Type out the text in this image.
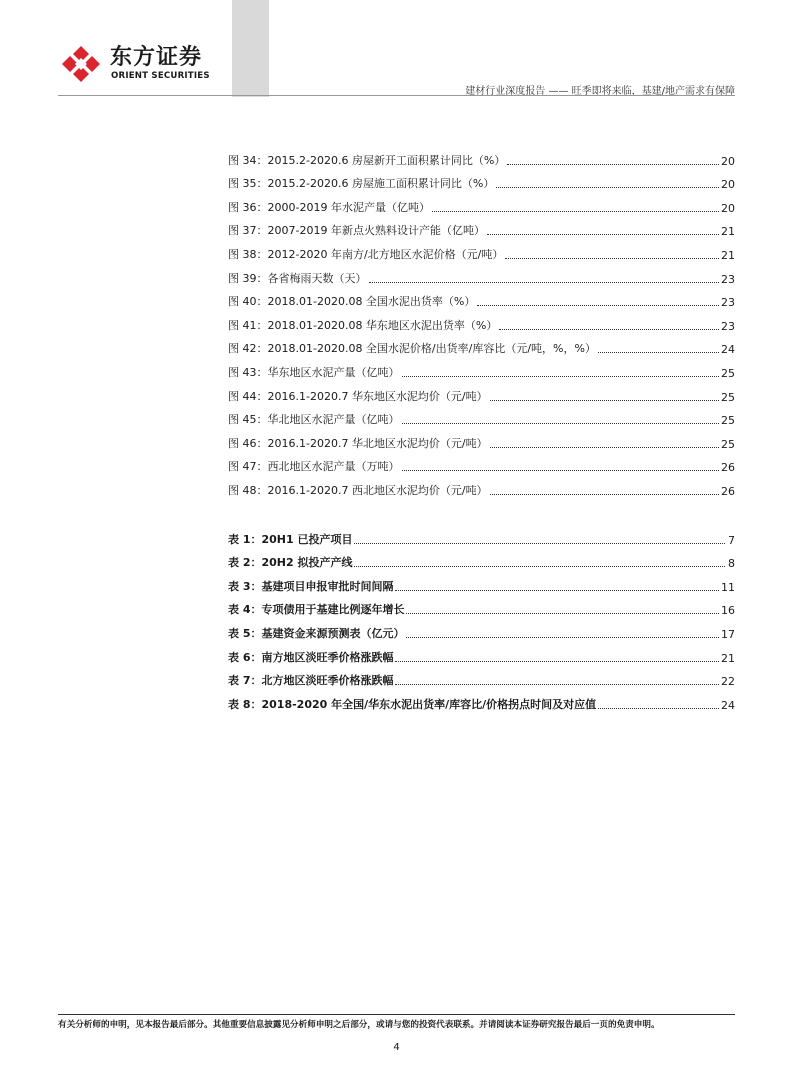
东方证券
ORIENT SECURITIES
建材行业深度报告 —— 旺季即将来临，基建/地产需求有保障
图 34：2015.2-2020.6 房屋新开工面积累计同比（%）	20
图 35：2015.2-2020.6 房屋施工面积累计同比（%）	20
图 36：2000-2019 年水泥产量（亿吨）	20
图 37：2007-2019 年新点火熟料设计产能（亿吨）	21
图 38：2012-2020 年南方/北方地区水泥价格（元/吨）	21
图 39：各省梅雨天数（天）	23
图 40：2018.01-2020.08 全国水泥出货率（%）	23
图 41：2018.01-2020.08 华东地区水泥出货率（%）	23
图 42：2018.01-2020.08 全国水泥价格/出货率/库容比（元/吨，%，%）	24
图 43：华东地区水泥产量（亿吨）	25
图 44：2016.1-2020.7 华东地区水泥均价（元/吨）	25
图 45：华北地区水泥产量（亿吨）	25
图 46：2016.1-2020.7 华北地区水泥均价（元/吨）	25
图 47：西北地区水泥产量（万吨）	26
图 48：2016.1-2020.7 西北地区水泥均价（元/吨）	26
表 1：20H1 已投产项目	7
表 2：20H2 拟投产产线	8
表 3：基建项目申报审批时间间隔	11
表 4：专项债用于基建比例逐年增长	16
表 5：基建资金来源预测表（亿元）	17
表 6：南方地区淡旺季价格涨跌幅	21
表 7：北方地区淡旺季价格涨跌幅	22
表 8：2018-2020 年全国/华东水泥出货率/库容比/价格拐点时间及对应值	24
有关分析师的申明，见本报告最后部分。其他重要信息披露见分析师申明之后部分，或请与您的投资代表联系。并请阅读本证券研究报告最后一页的免责申明。
4
